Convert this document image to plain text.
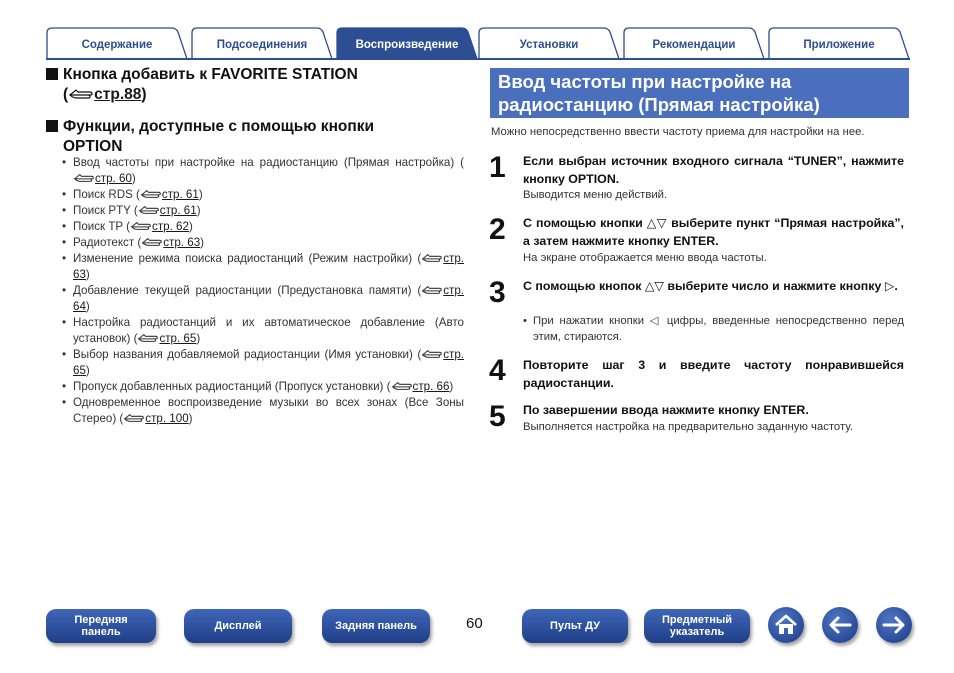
Содержание	Подсоединения	Воспроизведение	Установки	Рекомендации	Приложение
Кнопка добавить к FAVORITE STATION
( стр.88)
Функции, доступные с помощью кнопки
OPTION
• Ввод частоты при настройке на радиостанцию (Прямая настройка) (стр. 60)
• Поиск RDS ( стр. 61)
• Поиск PTY ( стр. 61)
• Поиск TP ( стр. 62)
• Радиотекст ( стр. 63)
• Изменение режима поиска радиостанций (Режим настройки) ( стр. 63)
• Добавление текущей радиостанции (Предустановка памяти) ( стр. 64)
• Настройка радиостанций и их автоматическое добавление (Авто установок) ( стр. 65)
• Выбор названия добавляемой радиостанции (Имя установки) ( стр. 65)
• Пропуск добавленных радиостанций (Пропуск установки) ( стр. 66)
• Одновременное воспроизведение музыки во всех зонах (Все Зоны Стерео) ( стр. 100)
Ввод частоты при настройке на радиостанцию (Прямая настройка)
Можно непосредственно ввести частоту приема для настройки на нее.
1 Если выбран источник входного сигнала “TUNER”, нажмите кнопку OPTION.
Выводится меню действий.
2 С помощью кнопки △▽ выберите пункт “Прямая настройка”, а затем нажмите кнопку ENTER.
На экране отображается меню ввода частоты.
3 С помощью кнопок △▽ выберите число и нажмите кнопку ▷.
• При нажатии кнопки ◁ цифры, введенные непосредственно перед этим, стираются.
4 Повторите шаг 3 и введите частоту понравившейся радиостанции.
5 По завершении ввода нажмите кнопку ENTER.
Выполняется настройка на предварительно заданную частоту.
Передняя панель	Дисплей	Задняя панель	60	Пульт ДУ	Предметный указатель
